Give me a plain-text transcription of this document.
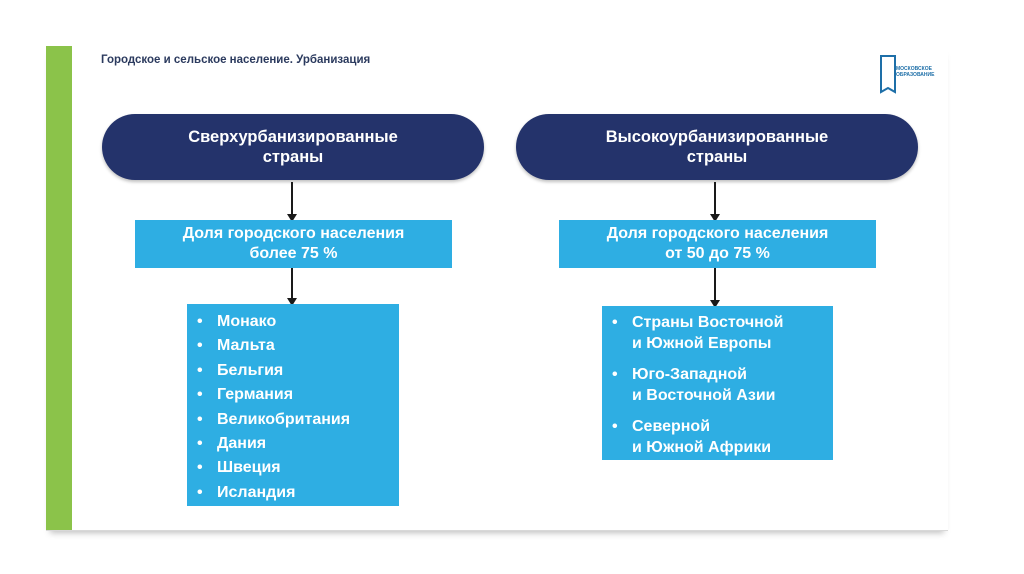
Городское и сельское население. Урбанизация
МОСКОВСКОЕ ОБРАЗОВАНИЕ
Сверхурбанизированные
страны
Доля городского населения
более 75 %
• Монако
• Мальта
• Бельгия
• Германия
• Великобритания
• Дания
• Швеция
• Исландия
Высокоурбанизированные
страны
Доля городского населения
от 50 до 75 %
• Страны Восточной
и Южной Европы
• Юго-Западной
и Восточной Азии
• Северной
и Южной Африки
